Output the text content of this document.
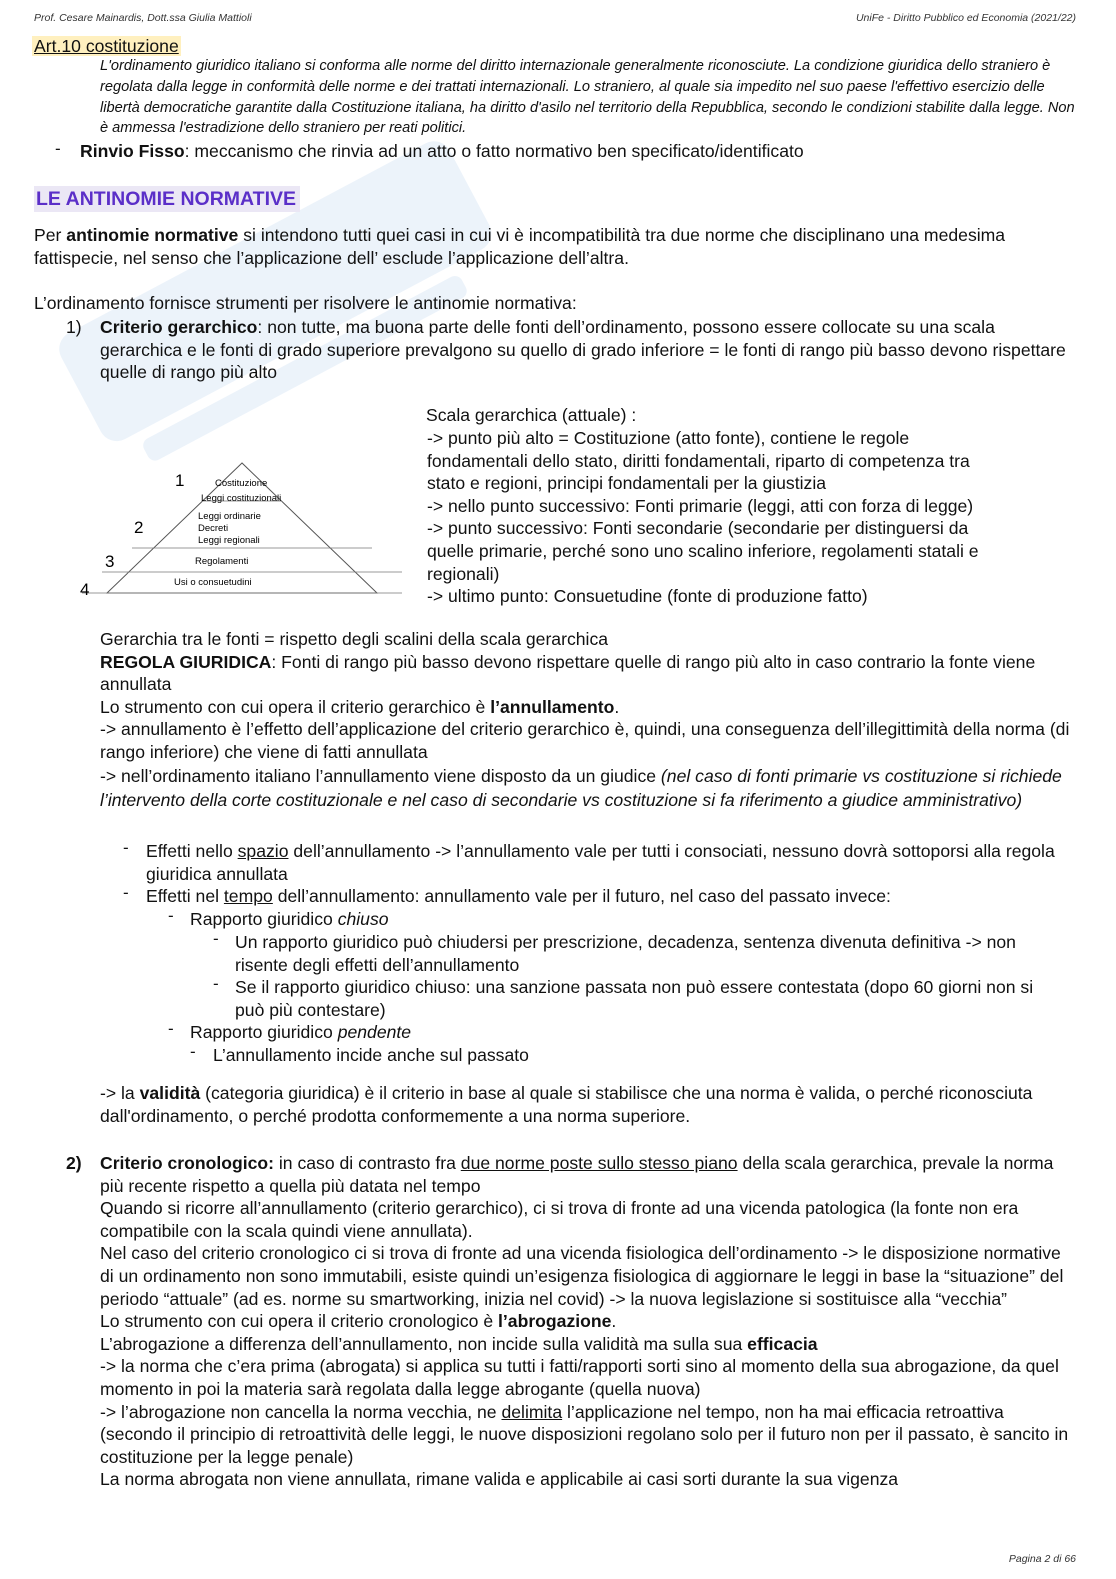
Prof. Cesare Mainardis, Dott.ssa Giulia Mattioli	UniFe - Diritto Pubblico ed Economia (2021/22)
Art.10 costituzione
L'ordinamento giuridico italiano si conforma alle norme del diritto internazionale generalmente riconosciute. La condizione giuridica dello straniero è regolata dalla legge in conformità delle norme e dei trattati internazionali. Lo straniero, al quale sia impedito nel suo paese l'effettivo esercizio delle libertà democratiche garantite dalla Costituzione italiana, ha diritto d'asilo nel territorio della Repubblica, secondo le condizioni stabilite dalla legge. Non è ammessa l'estradizione dello straniero per reati politici.
- Rinvio Fisso: meccanismo che rinvia ad un atto o fatto normativo ben specificato/identificato
LE ANTINOMIE NORMATIVE
Per antinomie normative si intendono tutti quei casi in cui vi è incompatibilità tra due norme che disciplinano una medesima fattispecie, nel senso che l’applicazione dell’ esclude l’applicazione dell’altra.
L’ordinamento fornisce strumenti per risolvere le antinomie normativa:
1) Criterio gerarchico: non tutte, ma buona parte delle fonti dell’ordinamento, possono essere collocate su una scala gerarchica e le fonti di grado superiore prevalgono su quello di grado inferiore = le fonti di rango più basso devono rispettare quelle di rango più alto
1
2
3
4
Costituzione
Leggi costituzionali
Leggi ordinarie
Decreti
Leggi regionali
Regolamenti
Usi o consuetudini
Scala gerarchica (attuale) :
-> punto più alto = Costituzione (atto fonte), contiene le regole
fondamentali dello stato, diritti fondamentali, riparto di competenza tra
stato e regioni, principi fondamentali per la giustizia
-> nello punto successivo: Fonti primarie (leggi, atti con forza di legge)
-> punto successivo: Fonti secondarie (secondarie per distinguersi da
quelle primarie, perché sono uno scalino inferiore, regolamenti statali e
regionali)
-> ultimo punto: Consuetudine (fonte di produzione fatto)
Gerarchia tra le fonti = rispetto degli scalini della scala gerarchica
REGOLA GIURIDICA: Fonti di rango più basso devono rispettare quelle di rango più alto in caso contrario la fonte viene annullata
Lo strumento con cui opera il criterio gerarchico è l’annullamento.
-> annullamento è l’effetto dell’applicazione del criterio gerarchico è, quindi, una conseguenza dell’illegittimità della norma (di rango inferiore) che viene di fatti annullata
-> nell’ordinamento italiano l’annullamento viene disposto da un giudice (nel caso di fonti primarie vs costituzione si richiede l’intervento della corte costituzionale e nel caso di secondarie vs costituzione si fa riferimento a giudice amministrativo)
- Effetti nello spazio dell’annullamento -> l’annullamento vale per tutti i consociati, nessuno dovrà sottoporsi alla regola giuridica annullata
- Effetti nel tempo dell’annullamento: annullamento vale per il futuro, nel caso del passato invece:
- Rapporto giuridico chiuso
- Un rapporto giuridico può chiudersi per prescrizione, decadenza, sentenza divenuta definitiva -> non risente degli effetti dell’annullamento
- Se il rapporto giuridico chiuso: una sanzione passata non può essere contestata (dopo 60 giorni non si può più contestare)
- Rapporto giuridico pendente
- L’annullamento incide anche sul passato
-> la validità (categoria giuridica) è il criterio in base al quale si stabilisce che una norma è valida, o perché riconosciuta dall'ordinamento, o perché prodotta conformemente a una norma superiore.
2) Criterio cronologico: in caso di contrasto fra due norme poste sullo stesso piano della scala gerarchica, prevale la norma più recente rispetto a quella più datata nel tempo
Quando si ricorre all’annullamento (criterio gerarchico), ci si trova di fronte ad una vicenda patologica (la fonte non era compatibile con la scala quindi viene annullata).
Nel caso del criterio cronologico ci si trova di fronte ad una vicenda fisiologica dell’ordinamento -> le disposizione normative di un ordinamento non sono immutabili, esiste quindi un’esigenza fisiologica di aggiornare le leggi in base la “situazione” del periodo “attuale” (ad es. norme su smartworking, inizia nel covid) -> la nuova legislazione si sostituisce alla “vecchia”
Lo strumento con cui opera il criterio cronologico è l’abrogazione.
L’abrogazione a differenza dell’annullamento, non incide sulla validità ma sulla sua efficacia
-> la norma che c’era prima (abrogata) si applica su tutti i fatti/rapporti sorti sino al momento della sua abrogazione, da quel momento in poi la materia sarà regolata dalla legge abrogante (quella nuova)
-> l’abrogazione non cancella la norma vecchia, ne delimita l’applicazione nel tempo, non ha mai efficacia retroattiva (secondo il principio di retroattività delle leggi, le nuove disposizioni regolano solo per il futuro non per il passato, è sancito in costituzione per la legge penale)
La norma abrogata non viene annullata, rimane valida e applicabile ai casi sorti durante la sua vigenza
Pagina 2 di 66
